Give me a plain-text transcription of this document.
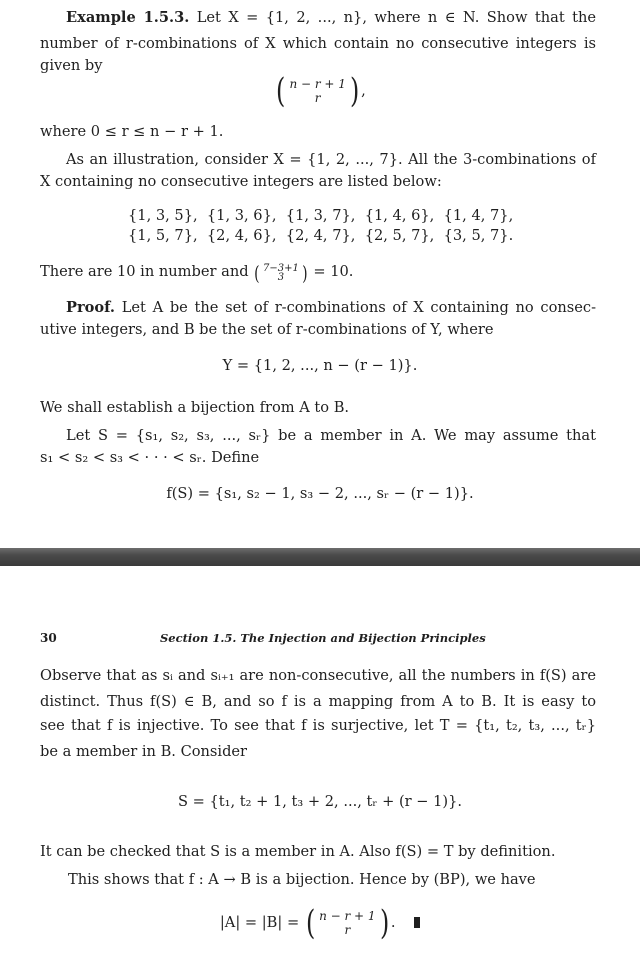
Example 1.5.3. Let X = {1, 2, ..., n}, where n ∈ N. Show that the
number of r-combinations of X which contain no consecutive integers is
given by
( n − r + 1
r ) ,
where 0 ≤ r ≤ n − r + 1.
As an illustration, consider X = {1, 2, ..., 7}. All the 3-combinations of
X containing no consecutive integers are listed below:
{1, 3, 5},  {1, 3, 6},  {1, 3, 7},  {1, 4, 6},  {1, 4, 7},
{1, 5, 7},  {2, 4, 6},  {2, 4, 7},  {2, 5, 7},  {3, 5, 7}.
There are 10 in number and ( 7−3+1
3 ) = 10.
Proof. Let A be the set of r-combinations of X containing no consec-
utive integers, and B be the set of r-combinations of Y, where
Y = {1, 2, ..., n − (r − 1)}.
We shall establish a bijection from A to B.
Let S = {s₁, s₂, s₃, ..., sᵣ} be a member in A. We may assume that
s₁ < s₂ < s₃ < · · · < sᵣ. Define
f(S) = {s₁, s₂ − 1, s₃ − 2, ..., sᵣ − (r − 1)}.
30	Section 1.5. The Injection and Bijection Principles
Observe that as sᵢ and sᵢ₊₁ are non-consecutive, all the numbers in f(S) are
distinct. Thus f(S) ∈ B, and so f is a mapping from A to B. It is easy to
see that f is injective. To see that f is surjective, let T = {t₁, t₂, t₃, ..., tᵣ}
be a member in B. Consider
S = {t₁, t₂ + 1, t₃ + 2, ..., tᵣ + (r − 1)}.
It can be checked that S is a member in A. Also f(S) = T by definition.
This shows that f : A → B is a bijection. Hence by (BP), we have
|A| = |B| = ( n − r + 1
r ) .
